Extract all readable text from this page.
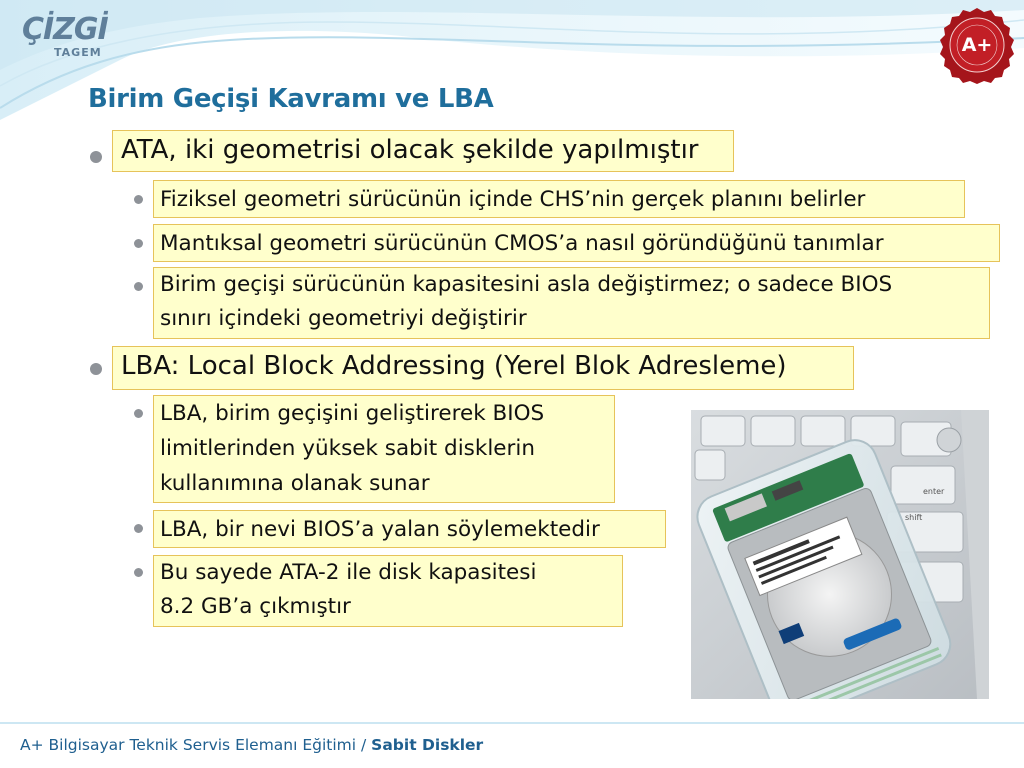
ÇİZGİ
TAGEM	A+
Birim Geçişi Kavramı ve LBA
ATA, iki geometrisi olacak şekilde yapılmıştır
Fiziksel geometri sürücünün içinde CHS’nin gerçek planını belirler
Mantıksal geometri sürücünün CMOS’a nasıl göründüğünü tanımlar
Birim geçişi sürücünün kapasitesini asla değiştirmez; o sadece BIOS
sınırı içindeki geometriyi değiştirir
LBA: Local Block Addressing (Yerel Blok Adresleme)
LBA, birim geçişini geliştirerek BIOS
limitlerinden yüksek sabit disklerin
kullanımına olanak sunar
LBA, bir nevi BIOS’a yalan söylemektedir
Bu sayede ATA-2 ile disk kapasitesi
8.2 GB’a çıkmıştır
enter
shift
A+ Bilgisayar Teknik Servis Elemanı Eğitimi / Sabit Diskler
